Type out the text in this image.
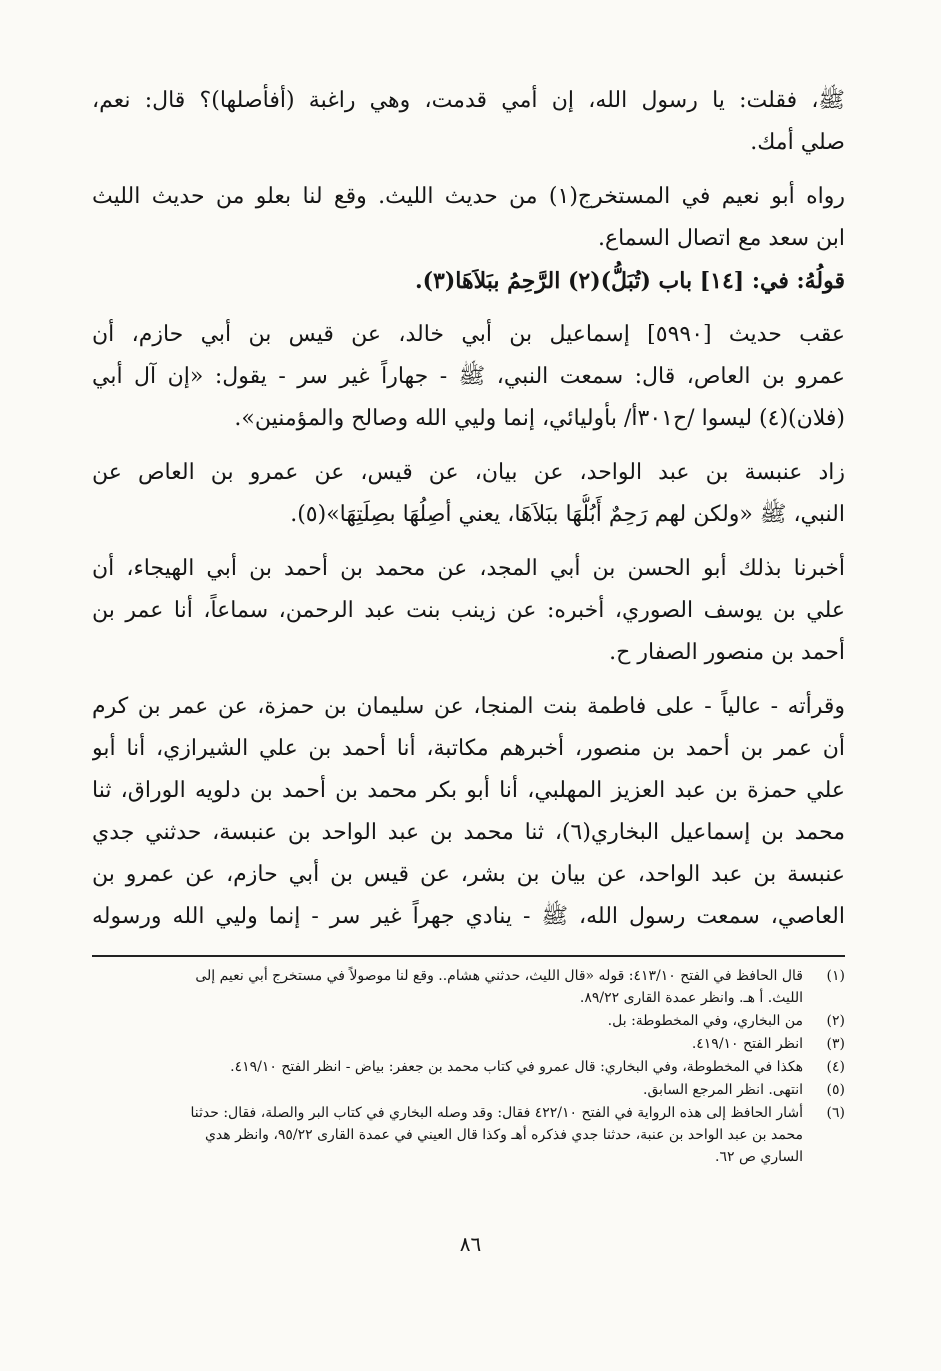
ﷺ، فقلت: يا رسول الله، إن أمي قدمت، وهي راغبة (أفأصلها)؟ قال: نعم،
صلي أمك.
رواه أبو نعيم في المستخرج(١) من حديث الليث. وقع لنا بعلو من حديث الليث
ابن سعد مع اتصال السماع.
قولُهُ: في: [١٤] باب (تُبَلُّ)(٢) الرَّحِمُ ببَلاَهَا(٣).
عقب حديث [٥٩٩٠] إسماعيل بن أبي خالد، عن قيس بن أبي حازم، أن
عمرو بن العاص، قال: سمعت النبي، ﷺ - جهاراً غير سر - يقول: «إن آل أبي
(فلان)(٤) ليسوا /ح٣٠١أ/ بأوليائي، إنما وليي الله وصالح والمؤمنين».
زاد عنبسة بن عبد الواحد، عن بيان، عن قيس، عن عمرو بن العاص عن
النبي، ﷺ «ولكن لهم رَحِمٌ أَبُلُّهَا ببَلاَهَا، يعني أصِلُهَا بصِلَتِهَا»(٥).
أخبرنا بذلك أبو الحسن بن أبي المجد، عن محمد بن أحمد بن أبي الهيجاء، أن
علي بن يوسف الصوري، أخبره: عن زينب بنت عبد الرحمن، سماعاً، أنا عمر بن
أحمد بن منصور الصفار ح.
وقرأته - عالياً - على فاطمة بنت المنجا، عن سليمان بن حمزة، عن عمر بن كرم
أن عمر بن أحمد بن منصور، أخبرهم مكاتبة، أنا أحمد بن علي الشيرازي، أنا أبو
علي حمزة بن عبد العزيز المهلبي، أنا أبو بكر محمد بن أحمد بن دلويه الوراق، ثنا
محمد بن إسماعيل البخاري(٦)، ثنا محمد بن عبد الواحد بن عنبسة، حدثني جدي
عنبسة بن عبد الواحد، عن بيان بن بشر، عن قيس بن أبي حازم، عن عمرو بن
العاصي، سمعت رسول الله، ﷺ - ينادي جهراً غير سر - إنما وليي الله ورسوله
(١)
قال الحافظ في الفتح ٤١٣/١٠: قوله «قال الليث، حدثني هشام.. وقع لنا موصولاً في مستخرج أبي نعيم إلى
الليث. أ هـ. وانظر عمدة القارى ٨٩/٢٢.
(٢)
من البخاري، وفي المخطوطة: بل.
(٣)
انظر الفتح ٤١٩/١٠.
(٤)
هكذا في المخطوطة، وفي البخاري: قال عمرو في كتاب محمد بن جعفر: بياض - انظر الفتح ٤١٩/١٠.
(٥)
انتهى. انظر المرجع السابق.
(٦)
أشار الحافظ إلى هذه الرواية في الفتح ٤٢٢/١٠ فقال: وقد وصله البخاري في كتاب البر والصلة، فقال: حدثنا
محمد بن عبد الواحد بن عنبة، حدثنا جدي فذكره أهـ وكذا قال العيني في عمدة القارى ٩٥/٢٢، وانظر هدي
الساري ص ٦٢.
٨٦
